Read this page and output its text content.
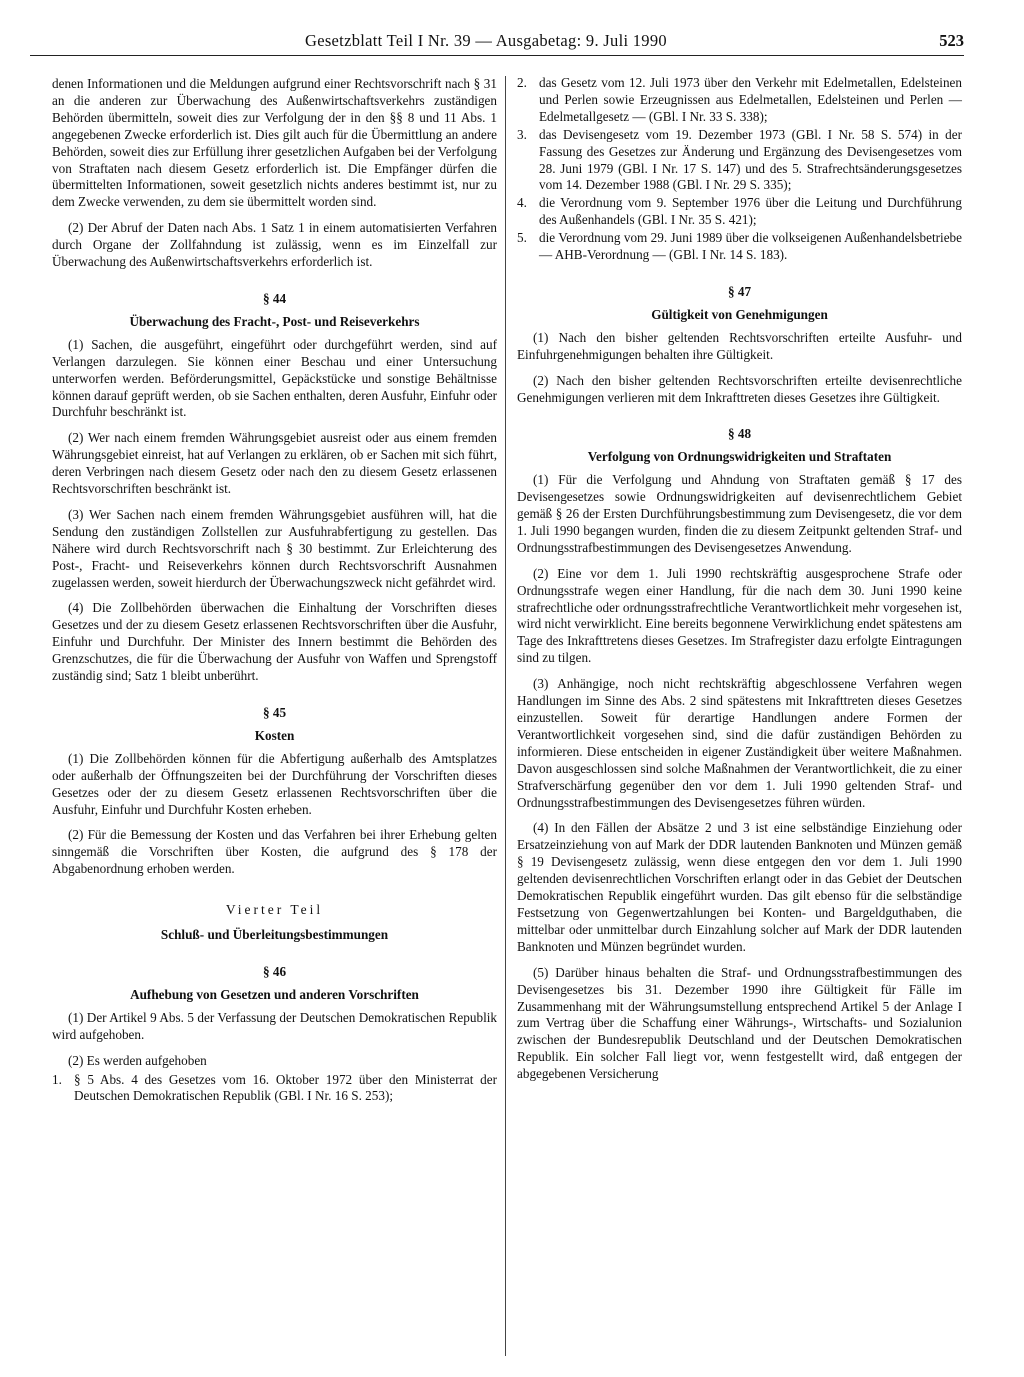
Gesetzblatt Teil I Nr. 39 — Ausgabetag: 9. Juli 1990	523

denen Informationen und die Meldungen aufgrund einer Rechtsvorschrift nach § 31 an die anderen zur Überwachung des Außenwirtschaftsverkehrs zuständigen Behörden übermitteln, soweit dies zur Verfolgung der in den §§ 8 und 11 Abs. 1 angegebenen Zwecke erforderlich ist. Dies gilt auch für die Übermittlung an andere Behörden, soweit dies zur Erfüllung ihrer gesetzlichen Aufgaben bei der Verfolgung von Straftaten nach diesem Gesetz erforderlich ist. Die Empfänger dürfen die übermittelten Informationen, soweit gesetzlich nichts anderes bestimmt ist, nur zu dem Zwecke verwenden, zu dem sie übermittelt worden sind.

(2) Der Abruf der Daten nach Abs. 1 Satz 1 in einem automatisierten Verfahren durch Organe der Zollfahndung ist zulässig, wenn es im Einzelfall zur Überwachung des Außenwirtschaftsverkehrs erforderlich ist.

§ 44
Überwachung des Fracht-, Post- und Reiseverkehrs

(1) Sachen, die ausgeführt, eingeführt oder durchgeführt werden, sind auf Verlangen darzulegen. Sie können einer Beschau und einer Untersuchung unterworfen werden. Beförderungsmittel, Gepäckstücke und sonstige Behältnisse können darauf geprüft werden, ob sie Sachen enthalten, deren Ausfuhr, Einfuhr oder Durchfuhr beschränkt ist.

(2) Wer nach einem fremden Währungsgebiet ausreist oder aus einem fremden Währungsgebiet einreist, hat auf Verlangen zu erklären, ob er Sachen mit sich führt, deren Verbringen nach diesem Gesetz oder nach den zu diesem Gesetz erlassenen Rechtsvorschriften beschränkt ist.

(3) Wer Sachen nach einem fremden Währungsgebiet ausführen will, hat die Sendung den zuständigen Zollstellen zur Ausfuhrabfertigung zu gestellen. Das Nähere wird durch Rechtsvorschrift nach § 30 bestimmt. Zur Erleichterung des Post-, Fracht- und Reiseverkehrs können durch Rechtsvorschrift Ausnahmen zugelassen werden, soweit hierdurch der Überwachungszweck nicht gefährdet wird.

(4) Die Zollbehörden überwachen die Einhaltung der Vorschriften dieses Gesetzes und der zu diesem Gesetz erlassenen Rechtsvorschriften über die Ausfuhr, Einfuhr und Durchfuhr. Der Minister des Innern bestimmt die Behörden des Grenzschutzes, die für die Überwachung der Ausfuhr von Waffen und Sprengstoff zuständig sind; Satz 1 bleibt unberührt.

§ 45
Kosten

(1) Die Zollbehörden können für die Abfertigung außerhalb des Amtsplatzes oder außerhalb der Öffnungszeiten bei der Durchführung der Vorschriften dieses Gesetzes oder der zu diesem Gesetz erlassenen Rechtsvorschriften über die Ausfuhr, Einfuhr und Durchfuhr Kosten erheben.

(2) Für die Bemessung der Kosten und das Verfahren bei ihrer Erhebung gelten sinngemäß die Vorschriften über Kosten, die aufgrund des § 178 der Abgabenordnung erhoben werden.

Vierter Teil
Schluß- und Überleitungsbestimmungen
§ 46
Aufhebung von Gesetzen und anderen Vorschriften

(1) Der Artikel 9 Abs. 5 der Verfassung der Deutschen Demokratischen Republik wird aufgehoben.

(2) Es werden aufgehoben

1. § 5 Abs. 4 des Gesetzes vom 16. Oktober 1972 über den Ministerrat der Deutschen Demokratischen Republik (GBl. I Nr. 16 S. 253);
2. das Gesetz vom 12. Juli 1973 über den Verkehr mit Edelmetallen, Edelsteinen und Perlen sowie Erzeugnissen aus Edelmetallen, Edelsteinen und Perlen — Edelmetallgesetz — (GBl. I Nr. 33 S. 338);
3. das Devisengesetz vom 19. Dezember 1973 (GBl. I Nr. 58 S. 574) in der Fassung des Gesetzes zur Änderung und Ergänzung des Devisengesetzes vom 28. Juni 1979 (GBl. I Nr. 17 S. 147) und des 5. Strafrechtsänderungsgesetzes vom 14. Dezember 1988 (GBl. I Nr. 29 S. 335);
4. die Verordnung vom 9. September 1976 über die Leitung und Durchführung des Außenhandels (GBl. I Nr. 35 S. 421);
5. die Verordnung vom 29. Juni 1989 über die volkseigenen Außenhandelsbetriebe — AHB-Verordnung — (GBl. I Nr. 14 S. 183).
§ 47
Gültigkeit von Genehmigungen

(1) Nach den bisher geltenden Rechtsvorschriften erteilte Ausfuhr- und Einfuhrgenehmigungen behalten ihre Gültigkeit.

(2) Nach den bisher geltenden Rechtsvorschriften erteilte devisenrechtliche Genehmigungen verlieren mit dem Inkrafttreten dieses Gesetzes ihre Gültigkeit.

§ 48
Verfolgung von Ordnungswidrigkeiten und Straftaten

(1) Für die Verfolgung und Ahndung von Straftaten gemäß § 17 des Devisengesetzes sowie Ordnungswidrigkeiten auf devisenrechtlichem Gebiet gemäß § 26 der Ersten Durchführungsbestimmung zum Devisengesetz, die vor dem 1. Juli 1990 begangen wurden, finden die zu diesem Zeitpunkt geltenden Straf- und Ordnungsstrafbestimmungen des Devisengesetzes Anwendung.

(2) Eine vor dem 1. Juli 1990 rechtskräftig ausgesprochene Strafe oder Ordnungsstrafe wegen einer Handlung, für die nach dem 30. Juni 1990 keine strafrechtliche oder ordnungsstrafrechtliche Verantwortlichkeit mehr vorgesehen ist, wird nicht verwirklicht. Eine bereits begonnene Verwirklichung endet spätestens am Tage des Inkrafttretens dieses Gesetzes. Im Strafregister dazu erfolgte Eintragungen sind zu tilgen.

(3) Anhängige, noch nicht rechtskräftig abgeschlossene Verfahren wegen Handlungen im Sinne des Abs. 2 sind spätestens mit Inkrafttreten dieses Gesetzes einzustellen. Soweit für derartige Handlungen andere Formen der Verantwortlichkeit vorgesehen sind, sind die dafür zuständigen Behörden zu informieren. Diese entscheiden in eigener Zuständigkeit über weitere Maßnahmen. Davon ausgeschlossen sind solche Maßnahmen der Verantwortlichkeit, die zu einer Strafverschärfung gegenüber den vor dem 1. Juli 1990 geltenden Straf- und Ordnungsstrafbestimmungen des Devisengesetzes führen würden.

(4) In den Fällen der Absätze 2 und 3 ist eine selbständige Einziehung oder Ersatzeinziehung von auf Mark der DDR lautenden Banknoten und Münzen gemäß § 19 Devisengesetz zulässig, wenn diese entgegen den vor dem 1. Juli 1990 geltenden devisenrechtlichen Vorschriften erlangt oder in das Gebiet der Deutschen Demokratischen Republik eingeführt wurden. Das gilt ebenso für die selbständige Festsetzung von Gegenwertzahlungen bei Konten- und Bargeldguthaben, die mittelbar oder unmittelbar durch Einzahlung solcher auf Mark der DDR lautenden Banknoten und Münzen begründet wurden.

(5) Darüber hinaus behalten die Straf- und Ordnungsstrafbestimmungen des Devisengesetzes bis 31. Dezember 1990 ihre Gültigkeit für Fälle im Zusammenhang mit der Währungsumstellung entsprechend Artikel 5 der Anlage I zum Vertrag über die Schaffung einer Währungs-, Wirtschafts- und Sozialunion zwischen der Bundesrepublik Deutschland und der Deutschen Demokratischen Republik. Ein solcher Fall liegt vor, wenn festgestellt wird, daß entgegen der abgegebenen Versicherung
